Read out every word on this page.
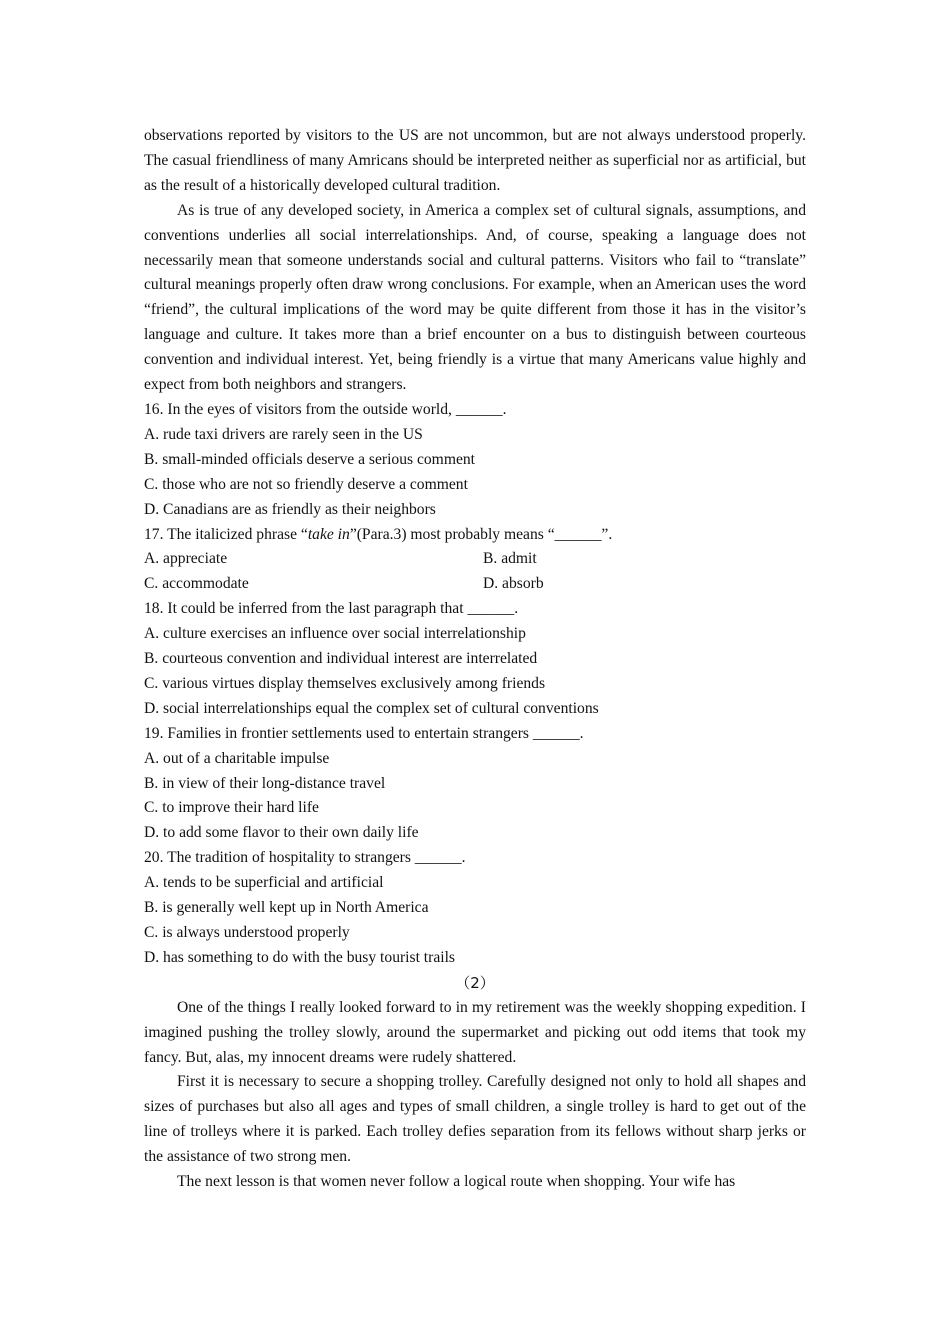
observations reported by visitors to the US are not uncommon, but are not always understood properly. The casual friendliness of many Amricans should be interpreted neither as superficial nor as artificial, but as the result of a historically developed cultural tradition.

As is true of any developed society, in America a complex set of cultural signals, assumptions, and conventions underlies all social interrelationships. And, of course, speaking a language does not necessarily mean that someone understands social and cultural patterns. Visitors who fail to “translate” cultural meanings properly often draw wrong conclusions. For example, when an American uses the word “friend”, the cultural implications of the word may be quite different from those it has in the visitor’s language and culture. It takes more than a brief encounter on a bus to distinguish between courteous convention and individual interest. Yet, being friendly is a virtue that many Americans value highly and expect from both neighbors and strangers.

16. In the eyes of visitors from the outside world, ______.

A. rude taxi drivers are rarely seen in the US

B. small-minded officials deserve a serious comment

C. those who are not so friendly deserve a comment

D. Canadians are as friendly as their neighbors

17. The italicized phrase “take in”(Para.3) most probably means “______”.

A. appreciate	B. admit
C. accommodate	D. absorb

18. It could be inferred from the last paragraph that ______.

A. culture exercises an influence over social interrelationship

B. courteous convention and individual interest are interrelated

C. various virtues display themselves exclusively among friends

D. social interrelationships equal the complex set of cultural conventions

19. Families in frontier settlements used to entertain strangers ______.

A. out of a charitable impulse

B. in view of their long-distance travel

C. to improve their hard life

D. to add some flavor to their own daily life

20. The tradition of hospitality to strangers ______.

A. tends to be superficial and artificial

B. is generally well kept up in North America

C. is always understood properly

D. has something to do with the busy tourist trails

（2）

One of the things I really looked forward to in my retirement was the weekly shopping expedition. I imagined pushing the trolley slowly, around the supermarket and picking out odd items that took my fancy. But, alas, my innocent dreams were rudely shattered.

First it is necessary to secure a shopping trolley. Carefully designed not only to hold all shapes and sizes of purchases but also all ages and types of small children, a single trolley is hard to get out of the line of trolleys where it is parked. Each trolley defies separation from its fellows without sharp jerks or the assistance of two strong men.

The next lesson is that women never follow a logical route when shopping. Your wife has
